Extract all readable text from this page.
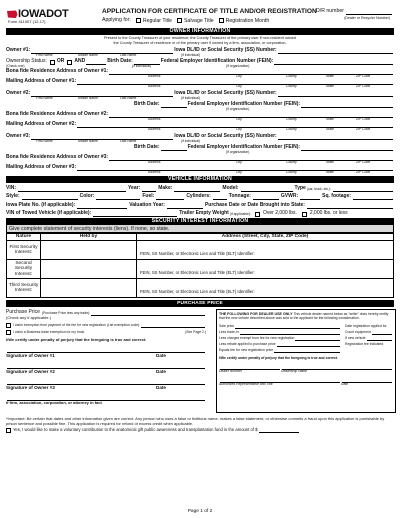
IOWADOT
Form 411007 (12-17)
APPLICATION FOR CERTIFICATE OF TITLE AND/OR REGISTRATION
Applying for:	Regular Title	Salvage Title	Registration Month
D/R number
(Dealer or Recycler Number)
OWNER INFORMATION
Present to the County Treasurer of your residence; the County Treasurer of the primary user if non-resident owned
the County Treasurer of residence or of the primary user if owned by a firm, association, or corporation.
Owner #1:	Iowa DL/ID or Social Security (SS) Number:
First Name	Middle Name	Last Name	(if individual)
Ownership Status: OR AND	Birth Date:	Federal Employer Identification Number (FEIN):
(Check one)	(if individual)	(if organization)
Bona fide Residence Address of Owner #1:
Address	City	County	State	ZIP Code
Mailing Address of Owner #1:
Address	City	County	State	ZIP Code
Owner #2:	Iowa DL/ID or Social Security (SS) Number:
First Name	Middle Name	Last Name	(if individual)
Birth Date:	Federal Employer Identification Number (FEIN):
(if organization)
Bona fide Residence Address of Owner #2:
Address	City	County	State	ZIP Code
Mailing Address of Owner #2:
Address	City	County	State	ZIP Code
Owner #3:	Iowa DL/ID or Social Security (SS) Number:
First Name	Middle Name	Last Name	(if individual)
Birth Date:	Federal Employer Identification Number (FEIN):
(if organization)
Bona fide Residence Address of Owner #3:
Address	City	County	State	ZIP Code
Mailing Address of Owner #3:
Address	City	County	State	ZIP Code
VEHICLE INFORMATION
VIN:	Year:	Make:	Model:	Type (car, truck, etc.):
Style:	Color:	Fuel:	Cylinders:	Tonnage:	GVWR:	Sq. footage:
Iowa Plate No. (if applicable):	Valuation Year:	Purchase Date or Date Brought into State:
VIN of Towed Vehicle (if applicable):	Trailer Empty Weight (if applicable): Over 2,000 lbs.	2,000 lbs. or less
SECURITY INTEREST INFORMATION
Give complete statement of security interests (liens). If none, so state.
Nature	Held by	Address (Street, City, State, ZIP Code)
First Security Interest:		FEIN, SS Number, or Electronic Lien and Title (ELT) Identifier:
Second Security Interest:		FEIN, SS Number, or Electronic Lien and Title (ELT) Identifier:
Third Security Interest:		FEIN, SS Number, or Electronic Lien and Title (ELT) Identifier:
PURCHASE PRICE
Purchase Price (Purchase Price less any trade):
(Check any if applicable.)
I claim exemption from payment of the fee for new registration (List exemption code).
I claim a Business trade exemption for my truck.	(See Page 2.)
I/We certify under penalty of perjury that the foregoing is true and correct.
Signature of Owner #1	Date
Signature of Owner #2	Date
Signature of Owner #3	Date
If firm, association, corporation, or attorney in fact
THE FOLLOWING FOR DEALER USE ONLY This vehicle dealer named below as "seller" does hereby certify that the new vehicle described above was sold to the applicant for the following consideration.
Sale price
Less trade-in
Less charges exempt from fee for new registration
Less rebate applied to purchase price
Equals fee for new registration price
Date registration applied for
Count equipment
If new vehicle
Registration fee indicated
I/We certify under penalty of perjury that the foregoing is true and correct.
Dealer Number	Dealership Name
Authorized Representative and Title	Date
*Important: Be certain that dates and other information given are correct. Any person who uses a false or fictitious name, makes a false statement, or otherwise commits a fraud upon this application is punishable by prison sentence and possible fine. This application is required for refund of excess credit when applicable.
Yes, I would like to make a voluntary contribution to the anatomical gift public awareness and transplantation fund in the amount of $
Page 1 of 2
